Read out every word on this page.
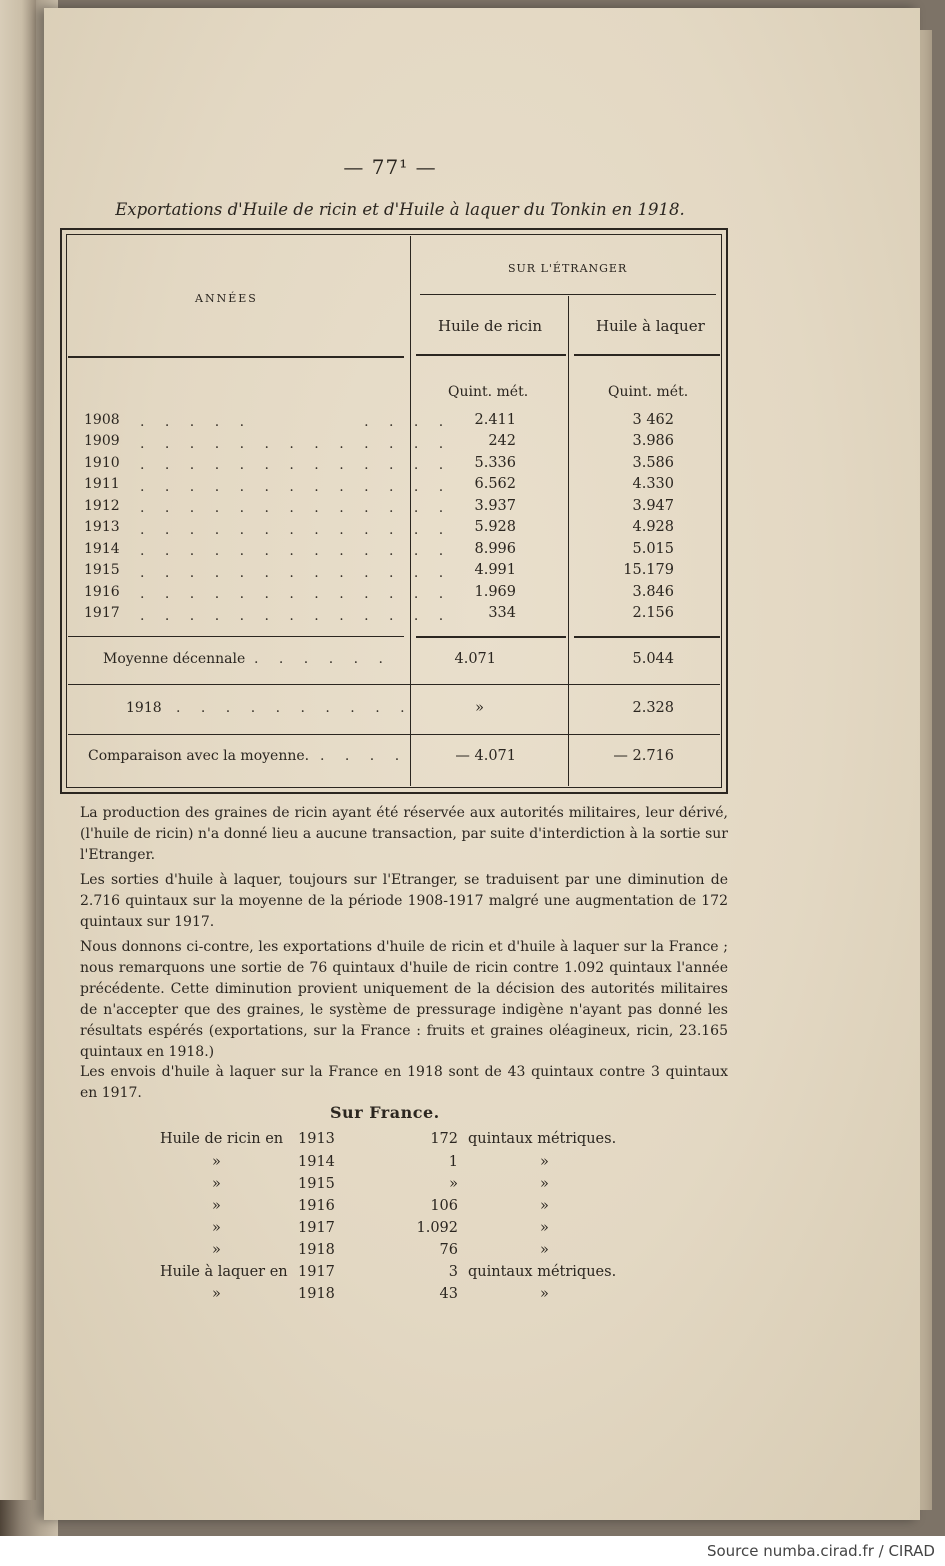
— 77¹ —
Exportations d'Huile de ricin et d'Huile à laquer du Tonkin en 1918.
ANNÉES
SUR L'ÉTRANGER
Huile de ricin	Huile à laquer
Quint. mét.	Quint. mét.
1908	2.411	3 462
1909	242	3.986
1910	5.336	3.586
1911	6.562	4.330
1912	3.937	3.947
1913	5.928	4.928
1914	8.996	5.015
1915	4.991	15.179
1916	1.969	3.846
1917	334	2.156
. . . . .         . . . .
. . . . . . . . . . . . .
. . . . . . . . . . . . .
. . . . . . . . . . . . .
. . . . . . . . . . . . .
. . . . . . . . . . . . .
. . . . . . . . . . . . .
. . . . . . . . . . . . .
. . . . . . . . . . . . .
. . . . . . . . . . . . .
Moyenne décennale . . . . . .	4.071	5.044
1918 . . . . . . . . . .	»	2.328
Comparaison avec la moyenne. . . . .	— 4.071	— 2.716
La production des graines de ricin ayant été réservée aux autorités militaires, leur dérivé, (l'huile de ricin) n'a donné lieu a aucune transaction, par suite d'interdiction à la sortie sur l'Etranger.
Les sorties d'huile à laquer, toujours sur l'Etranger, se traduisent par une diminution de 2.716 quintaux sur la moyenne de la période 1908-1917 malgré une augmentation de 172 quintaux sur 1917.
Nous donnons ci-contre, les exportations d'huile de ricin et d'huile à laquer sur la France ; nous remarquons une sortie de 76 quintaux d'huile de ricin contre 1.092 quintaux l'année précédente. Cette diminution provient uniquement de la décision des autorités militaires de n'accepter que des graines, le système de pressurage indigène n'ayant pas donné les résultats espérés (exportations, sur la France : fruits et graines oléagineux, ricin, 23.165 quintaux en 1918.)
Les envois d'huile à laquer sur la France en 1918 sont de 43 quintaux contre 3 quintaux en 1917.
Sur France.
Huile de ricin en 1913	172 quintaux métriques.
»	1914	1	»
»	1915	»	»
»	1916	106	»
»	1917	1.092	»
»	1918	76	»
Huile à laquer en 1917	3 quintaux métriques.
»	1918	43	»
Source numba.cirad.fr / CIRAD
